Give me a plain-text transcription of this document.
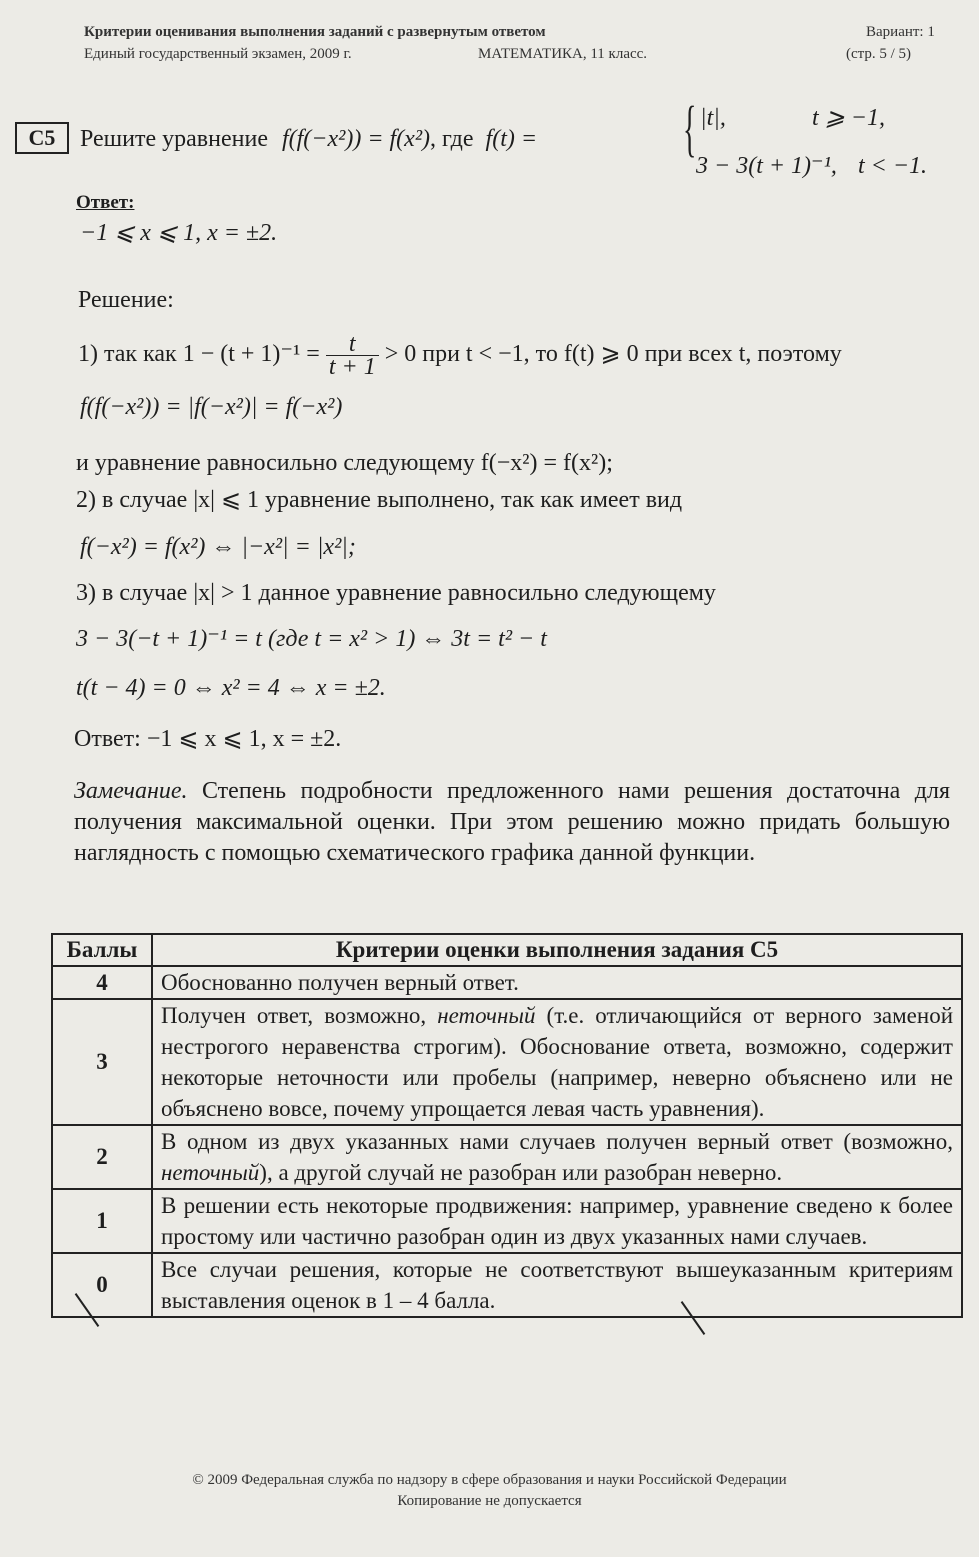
Критерии оценивания выполнения заданий с развернутым ответом
Единый государственный экзамен, 2009 г.	МАТЕМАТИКА, 11 класс.
Вариант: 1
(стр. 5 / 5)
C5	Решите уравнение f(f(−x²)) = f(x²), где f(t) = { |t|,	t ⩾ −1,
3 − 3(t + 1)⁻¹, t < −1.
Ответ:
−1 ⩽ x ⩽ 1, x = ±2.
Решение:
1) так как $1 - (t + 1)^{-1} = \frac{t}{t + 1} > 0$ при t < −1, то f(t) ⩾ 0 при всех t, поэтому
f(f(−x²)) = |f(−x²)| = f(−x²)
и уравнение равносильно следующему f(−x²) = f(x²);
2) в случае |x| ⩽ 1 уравнение выполнено, так как имеет вид
f(−x²) = f(x²) ⇔ |−x²| = |x²|;
3) в случае |x| > 1 данное уравнение равносильно следующему
3 − 3(−t + 1)⁻¹ = t (где t = x² > 1) ⇔ 3t = t² − t
t(t − 4) = 0 ⇔ x² = 4 ⇔ x = ±2.
Ответ: −1 ⩽ x ⩽ 1, x = ±2.
Замечание. Степень подробности предложенного нами решения достаточна для получения максимальной оценки. При этом решению можно придать большую наглядность с помощью схематического графика данной функции.
Баллы	Критерии оценки выполнения задания С5
4	Обоснованно получен верный ответ.
3	Получен ответ, возможно, неточный (т.е. отличающийся от верного заменой нестрогого неравенства строгим). Обоснование ответа, возможно, содержит некоторые неточности или пробелы (например, неверно объяснено или не объяснено вовсе, почему упрощается левая часть уравнения).
2	В одном из двух указанных нами случаев получен верный ответ (возможно, неточный), а другой случай не разобран или разобран неверно.
1	В решении есть некоторые продвижения: например, уравнение сведено к более простому или частично разобран один из двух указанных нами случаев.
0	Все случаи решения, которые не соответствуют вышеуказанным критериям выставления оценок в 1 – 4 балла.
© 2009 Федеральная служба по надзору в сфере образования и науки Российской Федерации
Копирование не допускается
